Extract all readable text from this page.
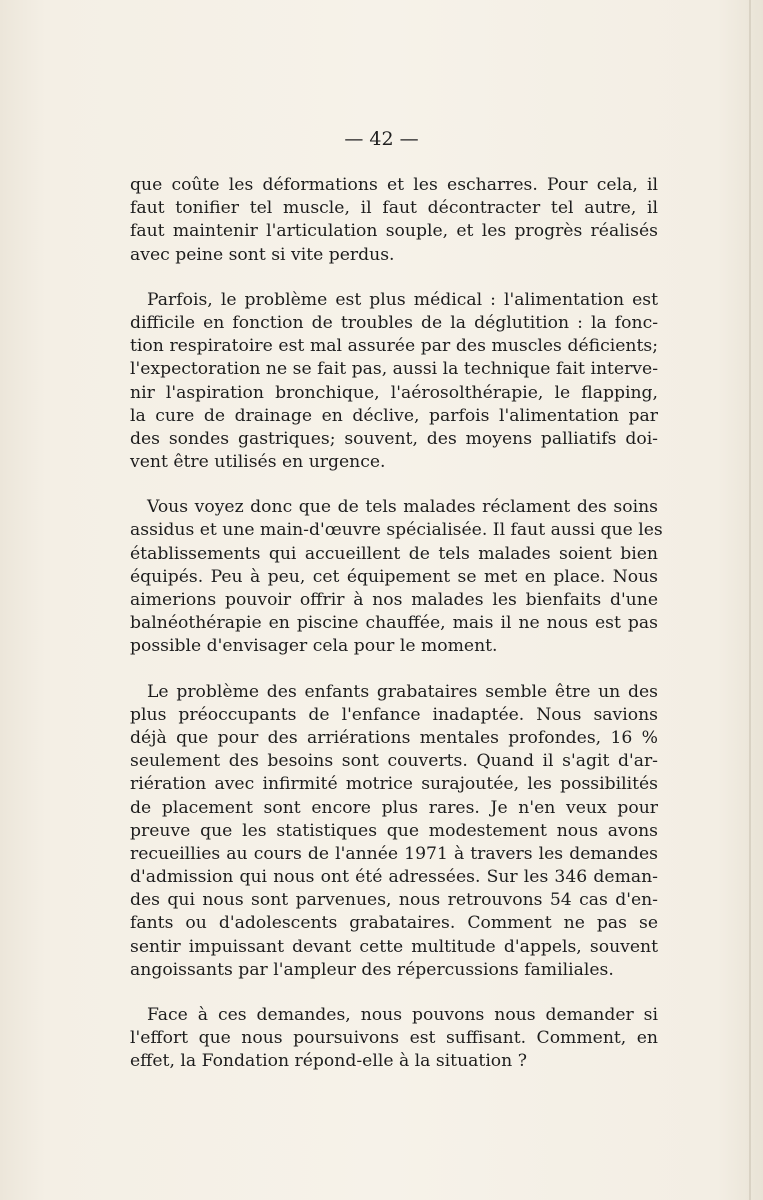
— 42 —

que coûte les déformations et les escharres. Pour cela, il
faut tonifier tel muscle, il faut décontracter tel autre, il
faut maintenir l'articulation souple, et les progrès réalisés
avec peine sont si vite perdus.

Parfois, le problème est plus médical : l'alimentation est
difficile en fonction de troubles de la déglutition : la fonc-
tion respiratoire est mal assurée par des muscles déficients;
l'expectoration ne se fait pas, aussi la technique fait interve-
nir l'aspiration bronchique, l'aérosolthérapie, le flapping,
la cure de drainage en déclive, parfois l'alimentation par
des sondes gastriques; souvent, des moyens palliatifs doi-
vent être utilisés en urgence.

Vous voyez donc que de tels malades réclament des soins
assidus et une main-d'œuvre spécialisée. Il faut aussi que les
établissements qui accueillent de tels malades soient bien
équipés. Peu à peu, cet équipement se met en place. Nous
aimerions pouvoir offrir à nos malades les bienfaits d'une
balnéothérapie en piscine chauffée, mais il ne nous est pas
possible d'envisager cela pour le moment.

Le problème des enfants grabataires semble être un des
plus préoccupants de l'enfance inadaptée. Nous savions
déjà que pour des arriérations mentales profondes, 16 %
seulement des besoins sont couverts. Quand il s'agit d'ar-
riération avec infirmité motrice surajoutée, les possibilités
de placement sont encore plus rares. Je n'en veux pour
preuve que les statistiques que modestement nous avons
recueillies au cours de l'année 1971 à travers les demandes
d'admission qui nous ont été adressées. Sur les 346 deman-
des qui nous sont parvenues, nous retrouvons 54 cas d'en-
fants ou d'adolescents grabataires. Comment ne pas se
sentir impuissant devant cette multitude d'appels, souvent
angoissants par l'ampleur des répercussions familiales.

Face à ces demandes, nous pouvons nous demander si
l'effort que nous poursuivons est suffisant. Comment, en
effet, la Fondation répond-elle à la situation ?
